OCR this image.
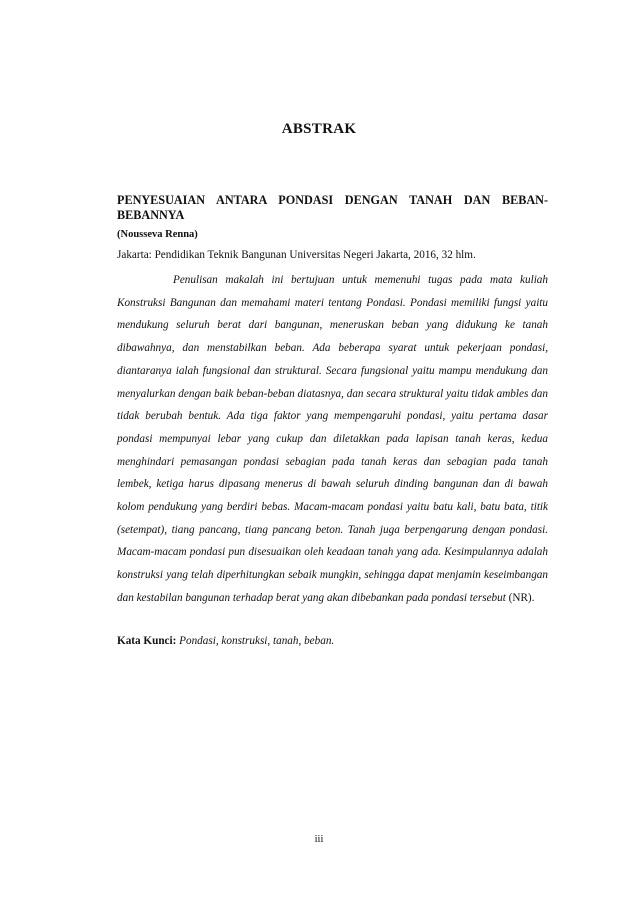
ABSTRAK
PENYESUAIAN ANTARA PONDASI DENGAN TANAH DAN BEBAN-BEBANNYA
(Nousseva Renna)
Jakarta: Pendidikan Teknik Bangunan Universitas Negeri Jakarta, 2016, 32 hlm.
Penulisan makalah ini bertujuan untuk memenuhi tugas pada mata kuliah Konstruksi Bangunan dan memahami materi tentang Pondasi. Pondasi memiliki fungsi yaitu mendukung seluruh berat dari bangunan, meneruskan beban yang didukung ke tanah dibawahnya, dan menstabilkan beban. Ada beberapa syarat untuk pekerjaan pondasi, diantaranya ialah fungsional dan struktural. Secara fungsional yaitu mampu mendukung dan menyalurkan dengan baik beban-beban diatasnya, dan secara struktural yaitu tidak ambles dan tidak berubah bentuk. Ada tiga faktor yang mempengaruhi pondasi, yaitu pertama dasar pondasi mempunyai lebar yang cukup dan diletakkan pada lapisan tanah keras, kedua menghindari pemasangan pondasi sebagian pada tanah keras dan sebagian pada tanah lembek, ketiga harus dipasang menerus di bawah seluruh dinding bangunan dan di bawah kolom pendukung yang berdiri bebas. Macam-macam pondasi yaitu batu kali, batu bata, titik (setempat), tiang pancang, tiang pancang beton. Tanah juga berpengarung dengan pondasi. Macam-macam pondasi pun disesuaikan oleh keadaan tanah yang ada. Kesimpulannya adalah konstruksi yang telah diperhitungkan sebaik mungkin, sehingga dapat menjamin keseimbangan dan kestabilan bangunan terhadap berat yang akan dibebankan pada pondasi tersebut (NR).
Kata Kunci: Pondasi, konstruksi, tanah, beban.
iii
